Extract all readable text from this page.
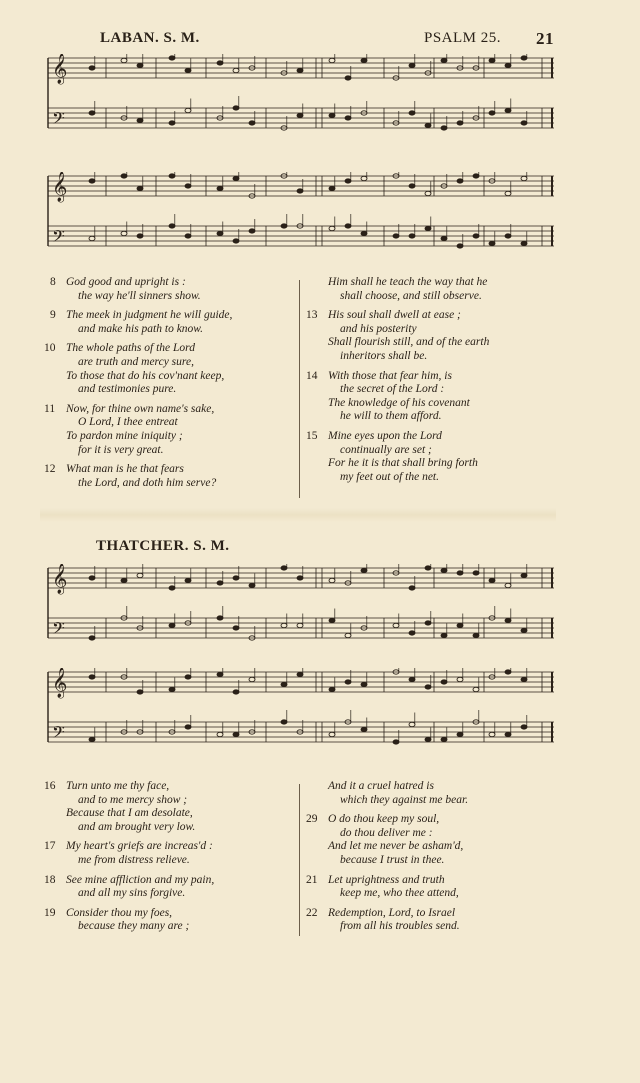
LABAN. S. M.	PSALM 25. 21
𝄞
𝄢
𝄞
𝄢
8 God good and upright is :
the way he'll sinners show.
9 The meek in judgment he will guide,
and make his path to know.
10 The whole paths of the Lord
are truth and mercy sure,
To those that do his cov'nant keep,
and testimonies pure.
11 Now, for thine own name's sake,
O Lord, I thee entreat
To pardon mine iniquity ;
for it is very great.
12 What man is he that fears
the Lord, and doth him serve?
Him shall he teach the way that he
shall choose, and still observe.
13 His soul shall dwell at ease ;
and his posterity
Shall flourish still, and of the earth
inheritors shall be.
14 With those that fear him, is
the secret of the Lord :
The knowledge of his covenant
he will to them afford.
15 Mine eyes upon the Lord
continually are set ;
For he it is that shall bring forth
my feet out of the net.
THATCHER. S. M.
𝄞
𝄢
𝄞
𝄢
16 Turn unto me thy face,
and to me mercy show ;
Because that I am desolate,
and am brought very low.
17 My heart's griefs are increas'd :
me from distress relieve.
18 See mine affliction and my pain,
and all my sins forgive.
19 Consider thou my foes,
because they many are ;
And it a cruel hatred is
which they against me bear.
29 O do thou keep my soul,
do thou deliver me :
And let me never be asham'd,
because I trust in thee.
21 Let uprightness and truth
keep me, who thee attend,
22 Redemption, Lord, to Israel
from all his troubles send.
